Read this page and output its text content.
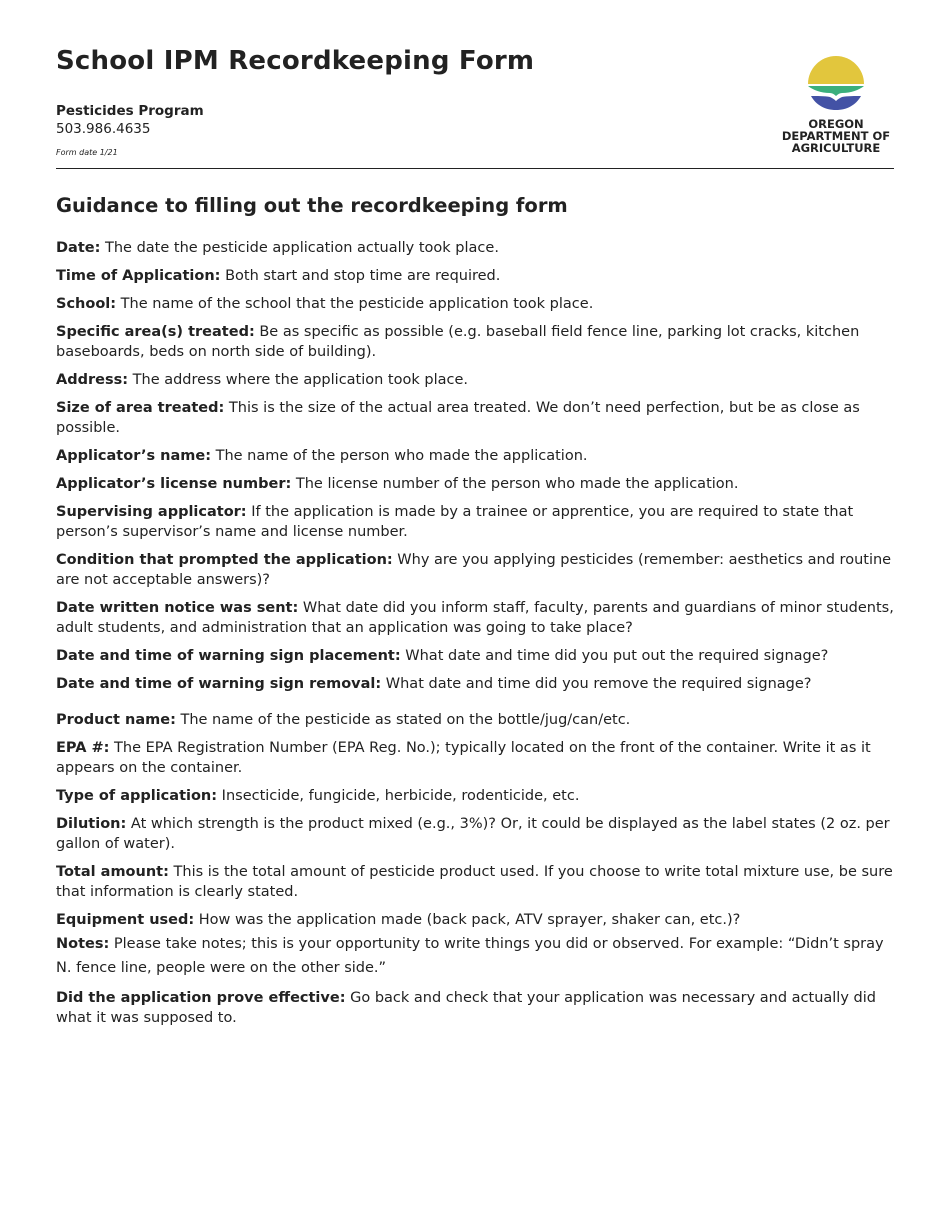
School IPM Recordkeeping Form
Pesticides Program
503.986.4635
Form date 1/21
OREGON
DEPARTMENT OF
AGRICULTURE
Guidance to filling out the recordkeeping form

Date: The date the pesticide application actually took place.

Time of Application: Both start and stop time are required.

School: The name of the school that the pesticide application took place.

Specific area(s) treated: Be as specific as possible (e.g. baseball field fence line, parking lot cracks, kitchen baseboards, beds on north side of building).

Address: The address where the application took place.

Size of area treated: This is the size of the actual area treated. We don’t need perfection, but be as close as possible.

Applicator’s name: The name of the person who made the application.

Applicator’s license number: The license number of the person who made the application.

Supervising applicator: If the application is made by a trainee or apprentice, you are required to state that person’s supervisor’s name and license number.

Condition that prompted the application: Why are you applying pesticides (remember: aesthetics and routine are not acceptable answers)?

Date written notice was sent: What date did you inform staff, faculty, parents and guardians of minor students, adult students, and administration that an application was going to take place?

Date and time of warning sign placement: What date and time did you put out the required signage?

Date and time of warning sign removal: What date and time did you remove the required signage?

Product name: The name of the pesticide as stated on the bottle/jug/can/etc.

EPA #: The EPA Registration Number (EPA Reg. No.); typically located on the front of the container. Write it as it appears on the container.

Type of application: Insecticide, fungicide, herbicide, rodenticide, etc.

Dilution: At which strength is the product mixed (e.g., 3%)? Or, it could be displayed as the label states (2 oz. per gallon of water).

Total amount: This is the total amount of pesticide product used. If you choose to write total mixture use, be sure that information is clearly stated.

Equipment used: How was the application made (back pack, ATV sprayer, shaker can, etc.)?

Notes: Please take notes; this is your opportunity to write things you did or observed. For example: “Didn’t spray N. fence line, people were on the other side.”

Did the application prove effective: Go back and check that your application was necessary and actually did what it was supposed to.
